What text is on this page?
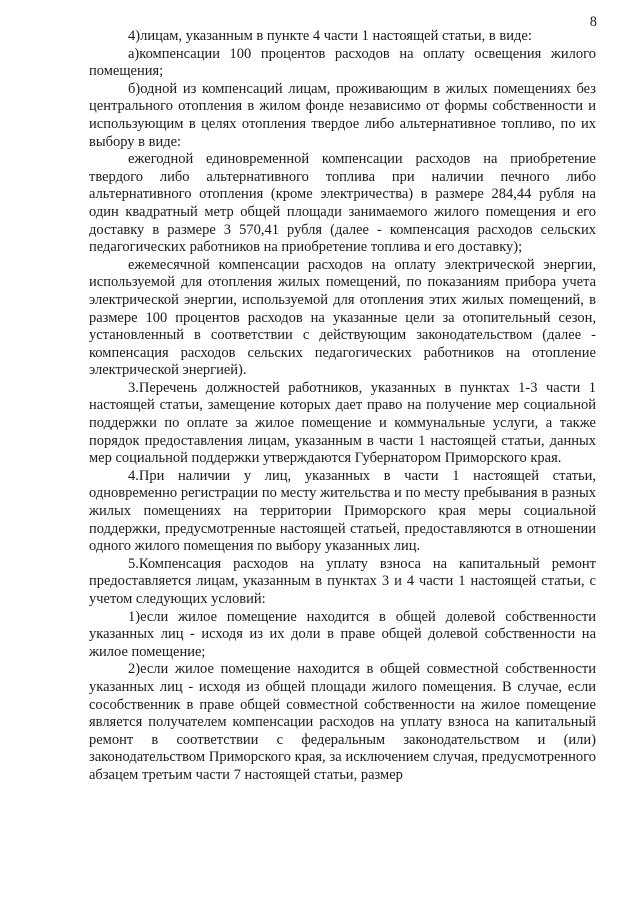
8

4)лицам, указанным в пункте 4 части 1 настоящей статьи, в виде:

а)компенсации 100 процентов расходов на оплату освещения жилого помещения;

б)одной из компенсаций лицам, проживающим в жилых помещениях без центрального отопления в жилом фонде независимо от формы собственности и использующим в целях отопления твердое либо альтернативное топливо, по их выбору в виде:

ежегодной единовременной компенсации расходов на приобретение твердого либо альтернативного топлива при наличии печного либо альтернативного отопления (кроме электричества) в размере 284,44 рубля на один квадратный метр общей площади занимаемого жилого помещения и его доставку в размере 3 570,41 рубля (далее - компенсация расходов сельских педагогических работников на приобретение топлива и его доставку);

ежемесячной компенсации расходов на оплату электрической энергии, используемой для отопления жилых помещений, по показаниям прибора учета электрической энергии, используемой для отопления этих жилых помещений, в размере 100 процентов расходов на указанные цели за отопительный сезон, установленный в соответствии с действующим законодательством (далее - компенсация расходов сельских педагогических работников на отопление электрической энергией).

3.Перечень должностей работников, указанных в пунктах 1-3 части 1 настоящей статьи, замещение которых дает право на получение мер социальной поддержки по оплате за жилое помещение и коммунальные услуги, а также порядок предоставления лицам, указанным в части 1 настоящей статьи, данных мер социальной поддержки утверждаются Губернатором Приморского края.

4.При наличии у лиц, указанных в части 1 настоящей статьи, одновременно регистрации по месту жительства и по месту пребывания в разных жилых помещениях на территории Приморского края меры социальной поддержки, предусмотренные настоящей статьей, предоставляются в отношении одного жилого помещения по выбору указанных лиц.

5.Компенсация расходов на уплату взноса на капитальный ремонт предоставляется лицам, указанным в пунктах 3 и 4 части 1 настоящей статьи, с учетом следующих условий:

1)если жилое помещение находится в общей долевой собственности указанных лиц - исходя из их доли в праве общей долевой собственности на жилое помещение;

2)если жилое помещение находится в общей совместной собственности указанных лиц - исходя из общей площади жилого помещения. В случае, если сособственник в праве общей совместной собственности на жилое помещение является получателем компенсации расходов на уплату взноса на капитальный ремонт в соответствии с федеральным законодательством и (или) законодательством Приморского края, за исключением случая, предусмотренного абзацем третьим части 7 настоящей статьи, размер
